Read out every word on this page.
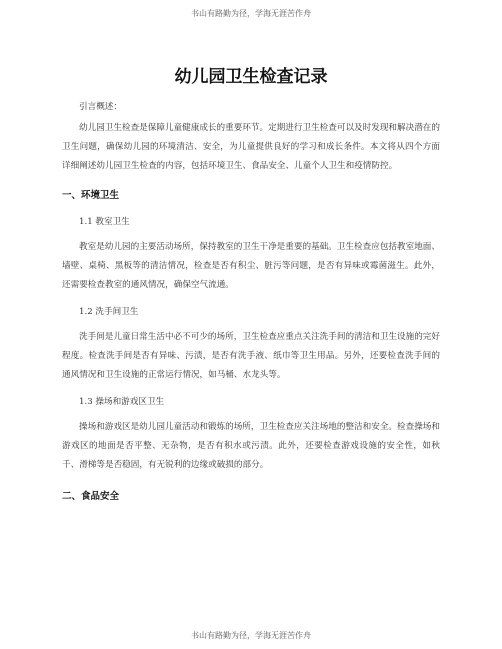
书山有路勤为径，学海无涯苦作舟
幼儿园卫生检查记录

引言概述：

幼儿园卫生检查是保障儿童健康成长的重要环节。定期进行卫生检查可以及时发现和解决潜在的卫生问题，确保幼儿园的环境清洁、安全，为儿童提供良好的学习和成长条件。本文将从四个方面详细阐述幼儿园卫生检查的内容，包括环境卫生、食品安全、儿童个人卫生和疫情防控。

一、环境卫生

1.1 教室卫生

教室是幼儿园的主要活动场所，保持教室的卫生干净是重要的基础。卫生检查应包括教室地面、墙壁、桌椅、黑板等的清洁情况，检查是否有积尘、脏污等问题，是否有异味或霉菌滋生。此外，还需要检查教室的通风情况，确保空气流通。

1.2 洗手间卫生

洗手间是儿童日常生活中必不可少的场所，卫生检查应重点关注洗手间的清洁和卫生设施的完好程度。检查洗手间是否有异味、污渍，是否有洗手液、纸巾等卫生用品。另外，还要检查洗手间的通风情况和卫生设施的正常运行情况，如马桶、水龙头等。

1.3 操场和游戏区卫生

操场和游戏区是幼儿园儿童活动和锻炼的场所，卫生检查应关注场地的整洁和安全。检查操场和游戏区的地面是否平整、无杂物，是否有积水或污渍。此外，还要检查游戏设施的安全性，如秋千、滑梯等是否稳固，有无锐利的边缘或破损的部分。

二、食品安全
书山有路勤为径，学海无涯苦作舟
